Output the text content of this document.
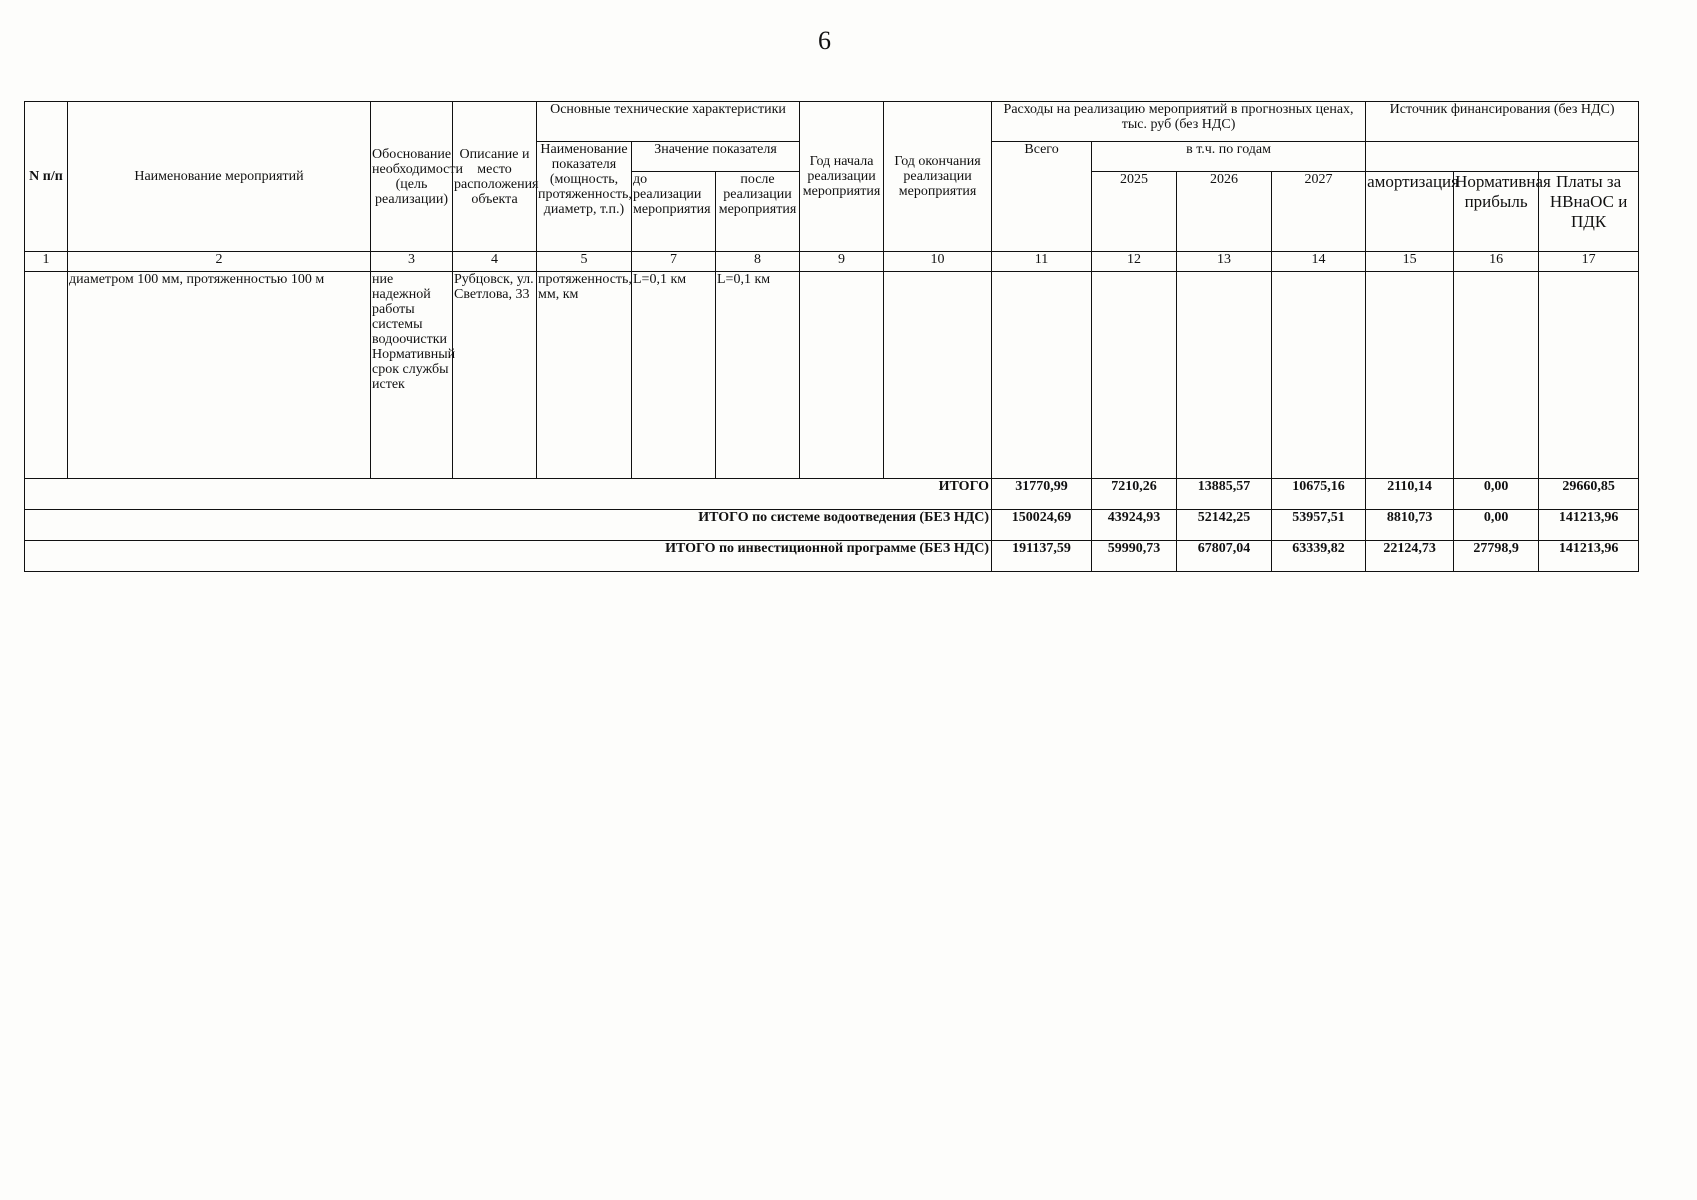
6
N п/п	Наименование мероприятий	Обоснование необходимости (цель реализации)	Описание и место расположения объекта	Основные технические характеристики			Год начала реализации мероприятия	Год окончания реализации мероприятия	Расходы на реализацию мероприятий в прогнозных ценах, тыс. руб (без НДС)				Источник финансирования (без НДС)		
				Наименование показателя (мощность, протяженность, диаметр, т.п.)	Значение показателя				Всего	в т.ч. по годам					
					до реализации мероприятия	после реализации мероприятия				2025	2026	2027	амортизация	Нормативная прибыль	Платы за НВнаОС и ПДК

1	2	3	4	5	7	8	9	10	11	12	13	14	15	16	17
	диаметром 100 мм, протяженностью 100 м	ние надежной работы системы водоочистки Нормативный срок службы истек	Рубцовск, ул. Светлова, 33	протяженность, мм, км	L=0,1 км	L=0,1 км									
ИТОГО									31770,99	7210,26	13885,57	10675,16	2110,14	0,00	29660,85
ИТОГО по системе водоотведения (БЕЗ НДС)									150024,69	43924,93	52142,25	53957,51	8810,73	0,00	141213,96
ИТОГО по инвестиционной программе (БЕЗ НДС)									191137,59	59990,73	67807,04	63339,82	22124,73	27798,9	141213,96
